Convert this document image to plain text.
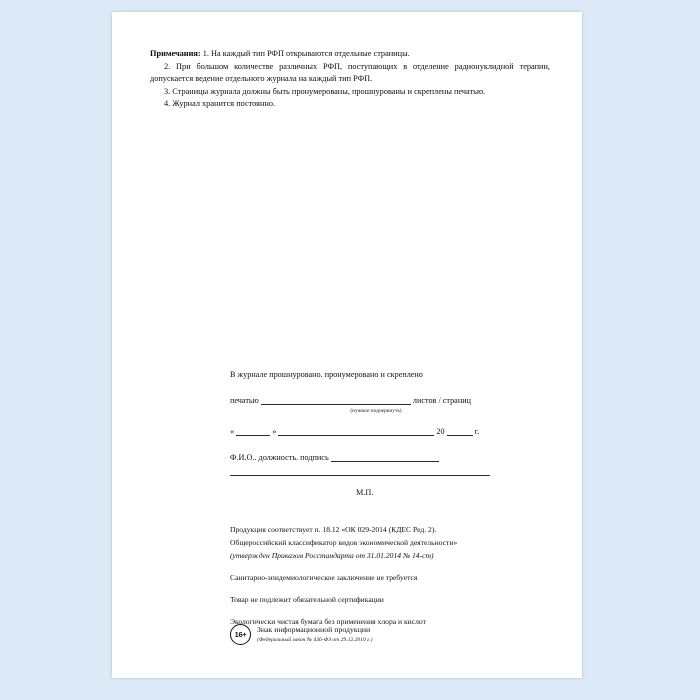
Примечания: 1. На каждый тип РФП открываются отдельные страницы.
2. При большом количестве различных РФП, поступающих в отделение радионуклидной терапии, допускается ведение отдельного журнала на каждый тип РФП.
3. Страницы журнала должны быть пронумерованы, прошнурованы и скреплены печатью.
4. Журнал хранится постоянно.
В журнале прошнуровано. пронумеровано и скреплено
печатью	листов / страниц
(нужное подчеркнуть)
«	»	20	г.
Ф.И.О.. должность. подпись
М.П.
Продукция соответствует п. 18.12 «ОК 029-2014 (КДЕС Ред. 2).
Общероссийский классификатор видов экономической деятельности»
(утвержден Приказом Росстандарта от 31.01.2014 № 14-ст)
Санитарно-эпидемиологическое заключение не требуется
Товар не подлежит обязательной сертификации
Экологически чистая бумага без применения хлора и кислот
16+
Знак информационной продукции
(Федеральный закон № 436-ФЗ от 29.12.2010 г.)
